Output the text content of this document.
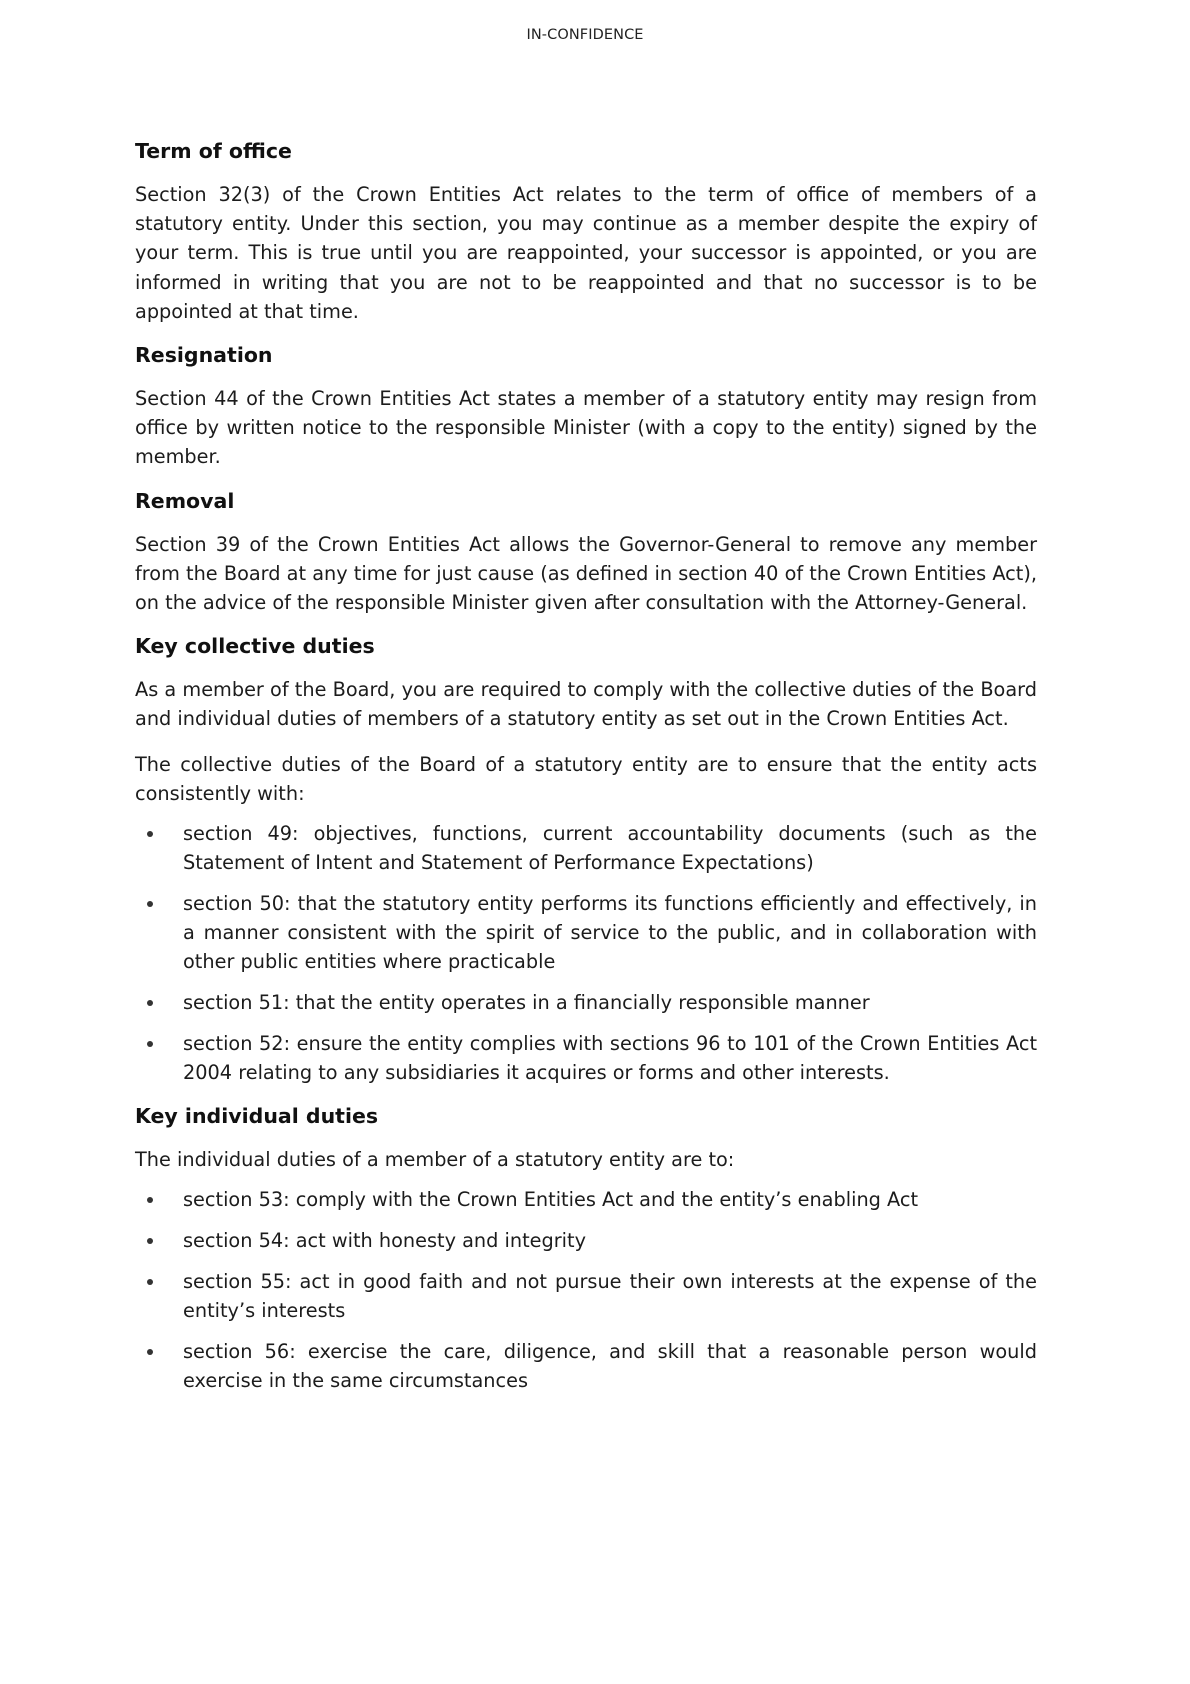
IN-CONFIDENCE
Term of office

Section 32(3) of the Crown Entities Act relates to the term of office of members of a statutory entity. Under this section, you may continue as a member despite the expiry of your term. This is true until you are reappointed, your successor is appointed, or you are informed in writing that you are not to be reappointed and that no successor is to be appointed at that time.

Resignation

Section 44 of the Crown Entities Act states a member of a statutory entity may resign from office by written notice to the responsible Minister (with a copy to the entity) signed by the member.

Removal

Section 39 of the Crown Entities Act allows the Governor-General to remove any member from the Board at any time for just cause (as defined in section 40 of the Crown Entities Act), on the advice of the responsible Minister given after consultation with the Attorney-General.

Key collective duties

As a member of the Board, you are required to comply with the collective duties of the Board and individual duties of members of a statutory entity as set out in the Crown Entities Act.

The collective duties of the Board of a statutory entity are to ensure that the entity acts consistently with:

section 49: objectives, functions, current accountability documents (such as the Statement of Intent and Statement of Performance Expectations)
section 50: that the statutory entity performs its functions efficiently and effectively, in a manner consistent with the spirit of service to the public, and in collaboration with other public entities where practicable
section 51: that the entity operates in a financially responsible manner
section 52: ensure the entity complies with sections 96 to 101 of the Crown Entities Act 2004 relating to any subsidiaries it acquires or forms and other interests.
Key individual duties

The individual duties of a member of a statutory entity are to:

section 53: comply with the Crown Entities Act and the entity’s enabling Act
section 54: act with honesty and integrity
section 55: act in good faith and not pursue their own interests at the expense of the entity’s interests
section 56: exercise the care, diligence, and skill that a reasonable person would exercise in the same circumstances
